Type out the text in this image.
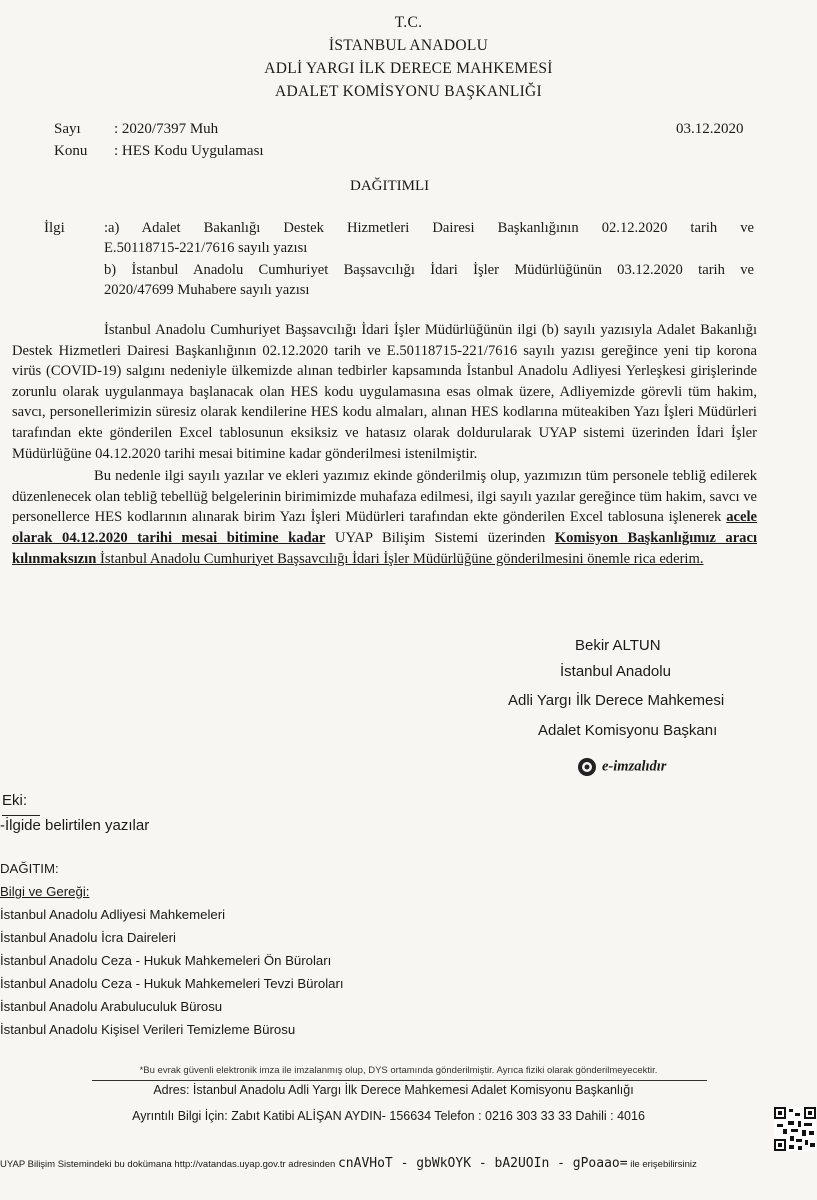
T.C.
İSTANBUL ANADOLU
ADLİ YARGI İLK DERECE MAHKEMESİ
ADALET KOMİSYONU BAŞKANLIĞI
Sayı : 2020/7397 Muh
Konu : HES Kodu Uygulaması
03.12.2020
DAĞITIMLI
İlgi	:a) Adalet Bakanlığı Destek Hizmetleri Dairesi Başkanlığının 02.12.2020 tarih ve
E.50118715-221/7616 sayılı yazısı
b) İstanbul Anadolu Cumhuriyet Başsavcılığı İdari İşler Müdürlüğünün 03.12.2020 tarih ve
2020/47699 Muhabere sayılı yazısı

İstanbul Anadolu Cumhuriyet Başsavcılığı İdari İşler Müdürlüğünün ilgi (b) sayılı yazısıyla Adalet Bakanlığı Destek Hizmetleri Dairesi Başkanlığının 02.12.2020 tarih ve E.50118715-221/7616 sayılı yazısı gereğince yeni tip korona virüs (COVID-19) salgını nedeniyle ülkemizde alınan tedbirler kapsamında İstanbul Anadolu Adliyesi Yerleşkesi girişlerinde zorunlu olarak uygulanmaya başlanacak olan HES kodu uygulamasına esas olmak üzere, Adliyemizde görevli tüm hakim, savcı, personellerimizin süresiz olarak kendilerine HES kodu almaları, alınan HES kodlarına müteakiben Yazı İşleri Müdürleri tarafından ekte gönderilen Excel tablosunun eksiksiz ve hatasız olarak doldurularak UYAP sistemi üzerinden İdari İşler Müdürlüğüne 04.12.2020 tarihi mesai bitimine kadar gönderilmesi istenilmiştir.

Bu nedenle ilgi sayılı yazılar ve ekleri yazımız ekinde gönderilmiş olup, yazımızın tüm personele tebliğ edilerek düzenlenecek olan tebliğ tebellüğ belgelerinin birimimizde muhafaza edilmesi, ilgi sayılı yazılar gereğince tüm hakim, savcı ve personellerce HES kodlarının alınarak birim Yazı İşleri Müdürleri tarafından ekte gönderilen Excel tablosuna işlenerek acele olarak 04.12.2020 tarihi mesai bitimine kadar UYAP Bilişim Sistemi üzerinden Komisyon Başkanlığımız aracı kılınmaksızın İstanbul Anadolu Cumhuriyet Başsavcılığı İdari İşler Müdürlüğüne gönderilmesini önemle rica ederim.

Bekir ALTUN
İstanbul Anadolu
Adli Yargı İlk Derece Mahkemesi
Adalet Komisyonu Başkanı
e-imzalıdır
Eki:
-İlgide belirtilen yazılar
DAĞITIM:
Bilgi ve Gereği:
İstanbul Anadolu Adliyesi Mahkemeleri
İstanbul Anadolu İcra Daireleri
İstanbul Anadolu Ceza - Hukuk Mahkemeleri Ön Büroları
İstanbul Anadolu Ceza - Hukuk Mahkemeleri Tevzi Büroları
İstanbul Anadolu Arabuluculuk Bürosu
İstanbul Anadolu Kişisel Verileri Temizleme Bürosu
*Bu evrak güvenli elektronik imza ile imzalanmış olup, DYS ortamında gönderilmiştir. Ayrıca fiziki olarak gönderilmeyecektir.
Adres: İstanbul Anadolu Adli Yargı İlk Derece Mahkemesi Adalet Komisyonu Başkanlığı
Ayrıntılı Bilgi İçin: Zabıt Katibi ALİŞAN AYDIN- 156634 Telefon : 0216 303 33 33 Dahili : 4016
UYAP Bilişim Sistemindeki bu dokümana http://vatandas.uyap.gov.tr adresinden cnAVHoT - gbWkOYK - bA2UOIn - gPoaao= ile erişebilirsiniz
